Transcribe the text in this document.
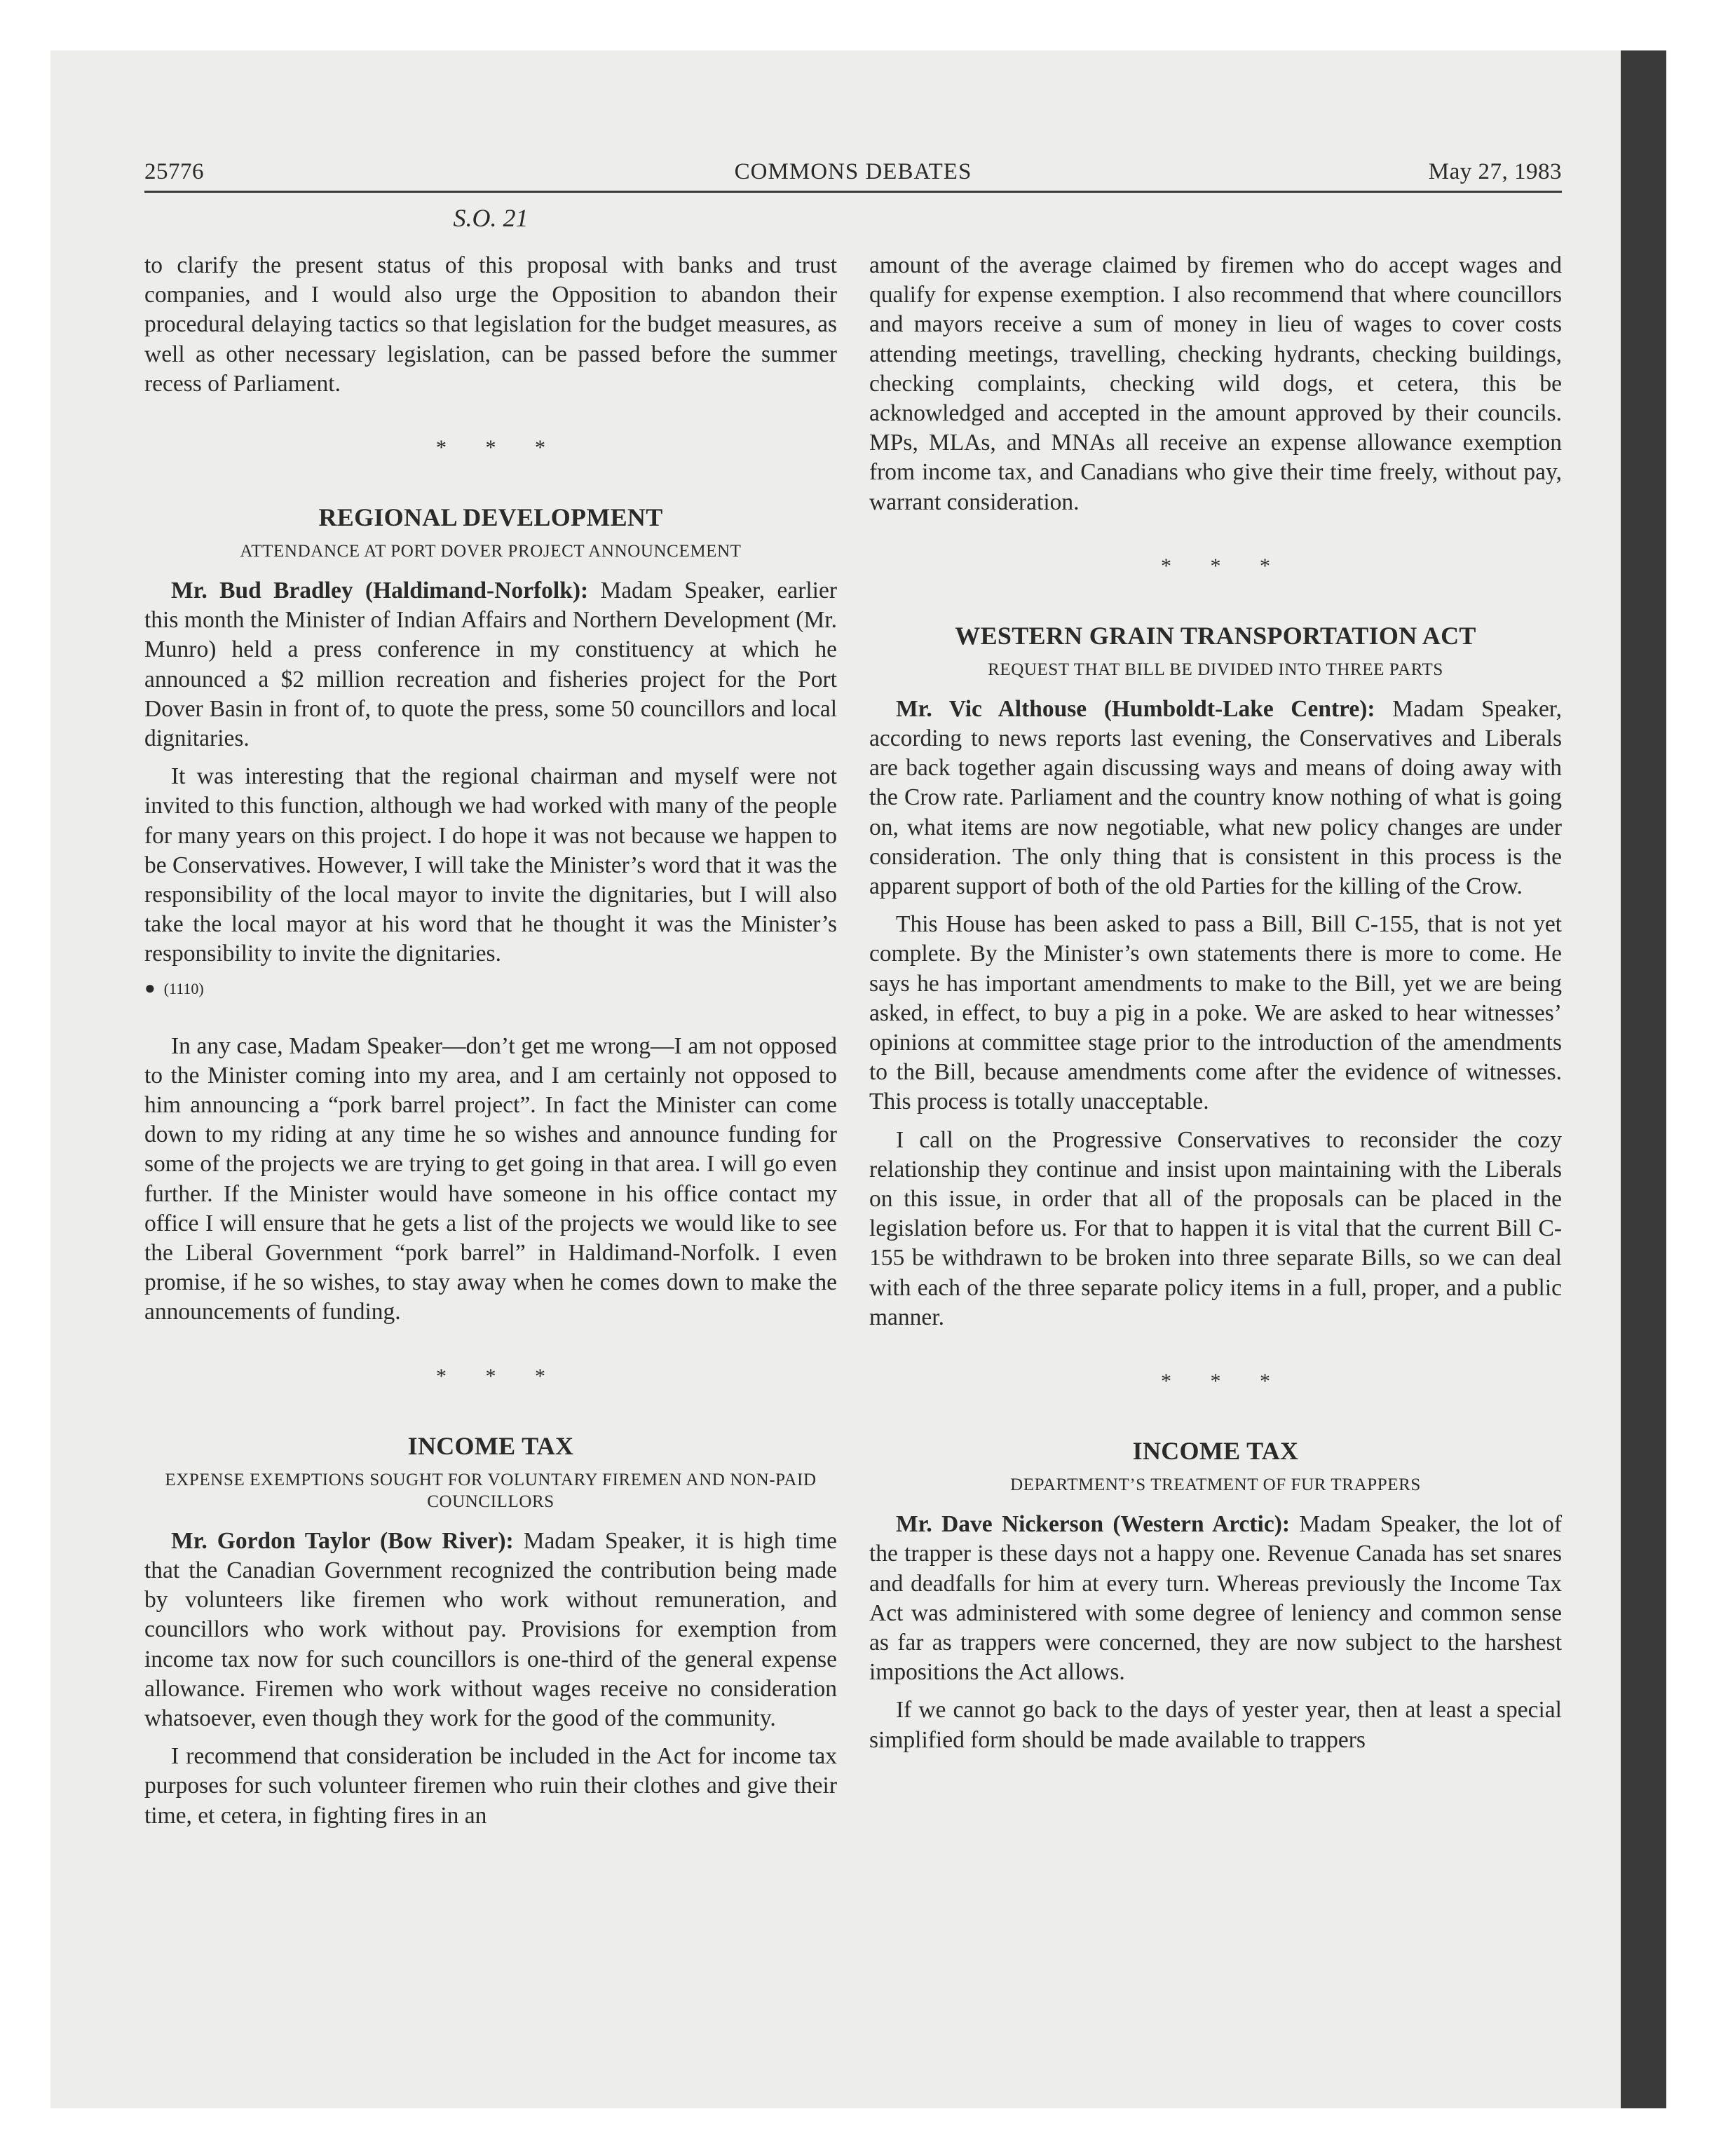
25776	COMMONS DEBATES	May 27, 1983
S.O. 21

to clarify the present status of this proposal with banks and trust companies, and I would also urge the Opposition to abandon their procedural delaying tactics so that legislation for the budget measures, as well as other necessary legislation, can be passed before the summer recess of Parliament.

* * *
REGIONAL DEVELOPMENT
ATTENDANCE AT PORT DOVER PROJECT ANNOUNCEMENT

Mr. Bud Bradley (Haldimand-Norfolk): Madam Speaker, earlier this month the Minister of Indian Affairs and Northern Development (Mr. Munro) held a press conference in my constituency at which he announced a $2 million recreation and fisheries project for the Port Dover Basin in front of, to quote the press, some 50 councillors and local dignitaries.

It was interesting that the regional chairman and myself were not invited to this function, although we had worked with many of the people for many years on this project. I do hope it was not because we happen to be Conservatives. However, I will take the Minister’s word that it was the responsibility of the local mayor to invite the dignitaries, but I will also take the local mayor at his word that he thought it was the Minister’s responsibility to invite the dignitaries.

● (1110)

In any case, Madam Speaker—don’t get me wrong—I am not opposed to the Minister coming into my area, and I am certainly not opposed to him announcing a “pork barrel project”. In fact the Minister can come down to my riding at any time he so wishes and announce funding for some of the projects we are trying to get going in that area. I will go even further. If the Minister would have someone in his office contact my office I will ensure that he gets a list of the projects we would like to see the Liberal Government “pork barrel” in Haldimand-Norfolk. I even promise, if he so wishes, to stay away when he comes down to make the announcements of funding.

* * *
INCOME TAX
EXPENSE EXEMPTIONS SOUGHT FOR VOLUNTARY FIREMEN AND NON-PAID COUNCILLORS

Mr. Gordon Taylor (Bow River): Madam Speaker, it is high time that the Canadian Government recognized the contribution being made by volunteers like firemen who work without remuneration, and councillors who work without pay. Provisions for exemption from income tax now for such councillors is one-third of the general expense allowance. Firemen who work without wages receive no consideration whatsoever, even though they work for the good of the community.

I recommend that consideration be included in the Act for income tax purposes for such volunteer firemen who ruin their clothes and give their time, et cetera, in fighting fires in an

amount of the average claimed by firemen who do accept wages and qualify for expense exemption. I also recommend that where councillors and mayors receive a sum of money in lieu of wages to cover costs attending meetings, travelling, checking hydrants, checking buildings, checking complaints, checking wild dogs, et cetera, this be acknowledged and accepted in the amount approved by their councils. MPs, MLAs, and MNAs all receive an expense allowance exemption from income tax, and Canadians who give their time freely, without pay, warrant consideration.

* * *
WESTERN GRAIN TRANSPORTATION ACT
REQUEST THAT BILL BE DIVIDED INTO THREE PARTS

Mr. Vic Althouse (Humboldt-Lake Centre): Madam Speaker, according to news reports last evening, the Conservatives and Liberals are back together again discussing ways and means of doing away with the Crow rate. Parliament and the country know nothing of what is going on, what items are now negotiable, what new policy changes are under consideration. The only thing that is consistent in this process is the apparent support of both of the old Parties for the killing of the Crow.

This House has been asked to pass a Bill, Bill C-155, that is not yet complete. By the Minister’s own statements there is more to come. He says he has important amendments to make to the Bill, yet we are being asked, in effect, to buy a pig in a poke. We are asked to hear witnesses’ opinions at committee stage prior to the introduction of the amendments to the Bill, because amendments come after the evidence of witnesses. This process is totally unacceptable.

I call on the Progressive Conservatives to reconsider the cozy relationship they continue and insist upon maintaining with the Liberals on this issue, in order that all of the proposals can be placed in the legislation before us. For that to happen it is vital that the current Bill C-155 be withdrawn to be broken into three separate Bills, so we can deal with each of the three separate policy items in a full, proper, and a public manner.

* * *
INCOME TAX
DEPARTMENT’S TREATMENT OF FUR TRAPPERS

Mr. Dave Nickerson (Western Arctic): Madam Speaker, the lot of the trapper is these days not a happy one. Revenue Canada has set snares and deadfalls for him at every turn. Whereas previously the Income Tax Act was administered with some degree of leniency and common sense as far as trappers were concerned, they are now subject to the harshest impositions the Act allows.

If we cannot go back to the days of yester year, then at least a special simplified form should be made available to trappers
